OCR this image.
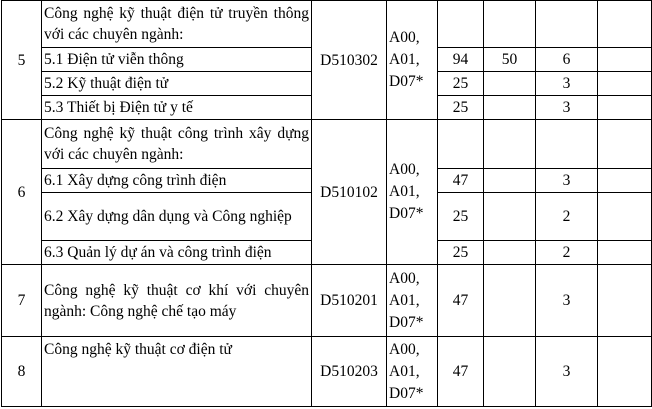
5	Công nghệ kỹ thuật điện tử truyền thông với các chuyên ngành:	D510302	A00,
A01,
D07*				

	5.1 Điện tử viễn thông			94	50	6	
	5.2 Kỹ thuật điện tử			25		3	
	5.3 Thiết bị Điện tử y tế			25		3	
6	Công nghệ kỹ thuật công trình xây dựng với các chuyên ngành:	D510102	A00,
A01,
D07*				

	6.1 Xây dựng công trình điện			47		3	
	6.2 Xây dựng dân dụng và Công nghiệp			25		2	
	6.3 Quản lý dự án và công trình điện			25		2	
7	Công nghệ kỹ thuật cơ khí với chuyên ngành: Công nghệ chế tạo máy	D510201	A00,
A01,
D07*	47		3	
8	Công nghệ kỹ thuật cơ điện tử	D510203	A00,
A01,
D07*	47		3	
